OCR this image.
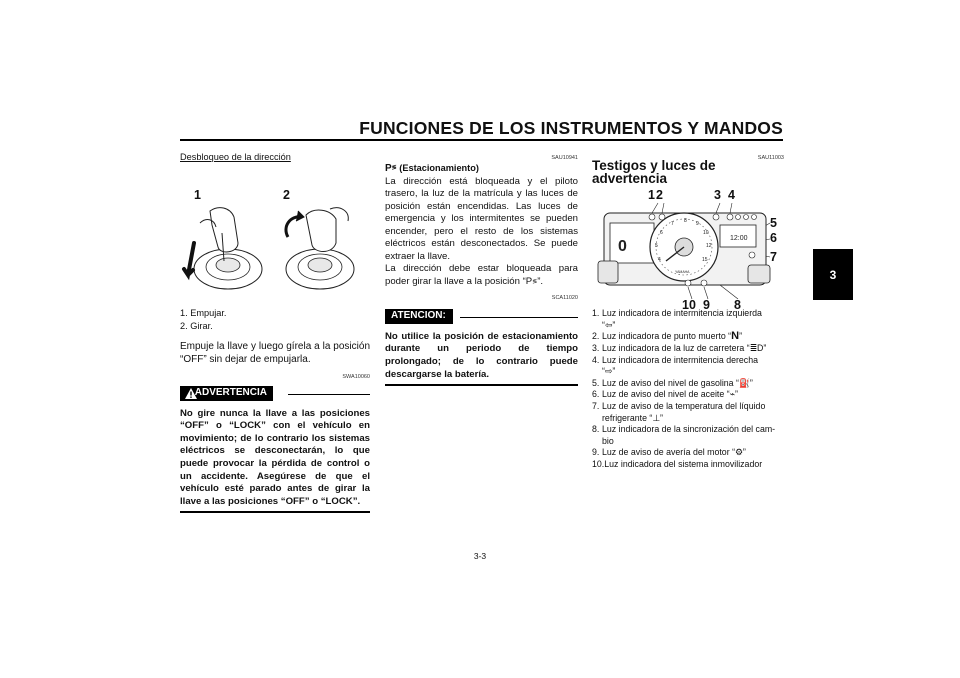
FUNCIONES DE LOS INSTRUMENTOS Y MANDOS
3
Desbloqueo de la dirección
1	2
1. Empujar.
2. Girar.
Empuje la llave y luego gírela a la posición “OFF” sin dejar de empujarla.
SWA10060
ADVERTENCIA
No gire nunca la llave a las posiciones “OFF” o “LOCK” con el vehículo en movimiento; de lo contrario los sistemas eléctricos se desconectarán, lo que puede provocar la pérdida de control o un accidente. Asegúrese de que el vehículo esté parado antes de girar la llave a las posiciones “OFF” o “LOCK”.
SAU10941
P≶ (Estacionamiento)
La dirección está bloqueada y el piloto trasero, la luz de la matrícula y las luces de posición están encendidas. Las luces de emergencia y los intermitentes se pueden encender, pero el resto de los sistemas eléctricos están desconectados. Se puede extraer la llave.
La dirección debe estar bloqueada para poder girar la llave a la posición “P≶”.
SCA11020
ATENCION:
No utilice la posición de estacionamiento durante un periodo de tiempo prolongado; de lo contrario puede descargarse la batería.
SAU11003
Testigos y luces de advertencia
1 2	3 4
5
6
7
10 9 8
0
4
5
6
7 8 9
10
12
15
YAMAHA
12:00
1. Luz indicadora de intermitencia izquierda
“⇦”
2. Luz indicadora de punto muerto “N”
3. Luz indicadora de la luz de carretera “≣D”
4. Luz indicadora de intermitencia derecha
“⇨”
5. Luz de aviso del nivel de gasolina “⛽”
6. Luz de aviso del nivel de aceite “⌁”
7. Luz de aviso de la temperatura del líquido
refrigerante “⊥”
8. Luz indicadora de la sincronización del cam-
bio
9. Luz de aviso de avería del motor “⚙”
10. Luz indicadora del sistema inmovilizador
3-3
